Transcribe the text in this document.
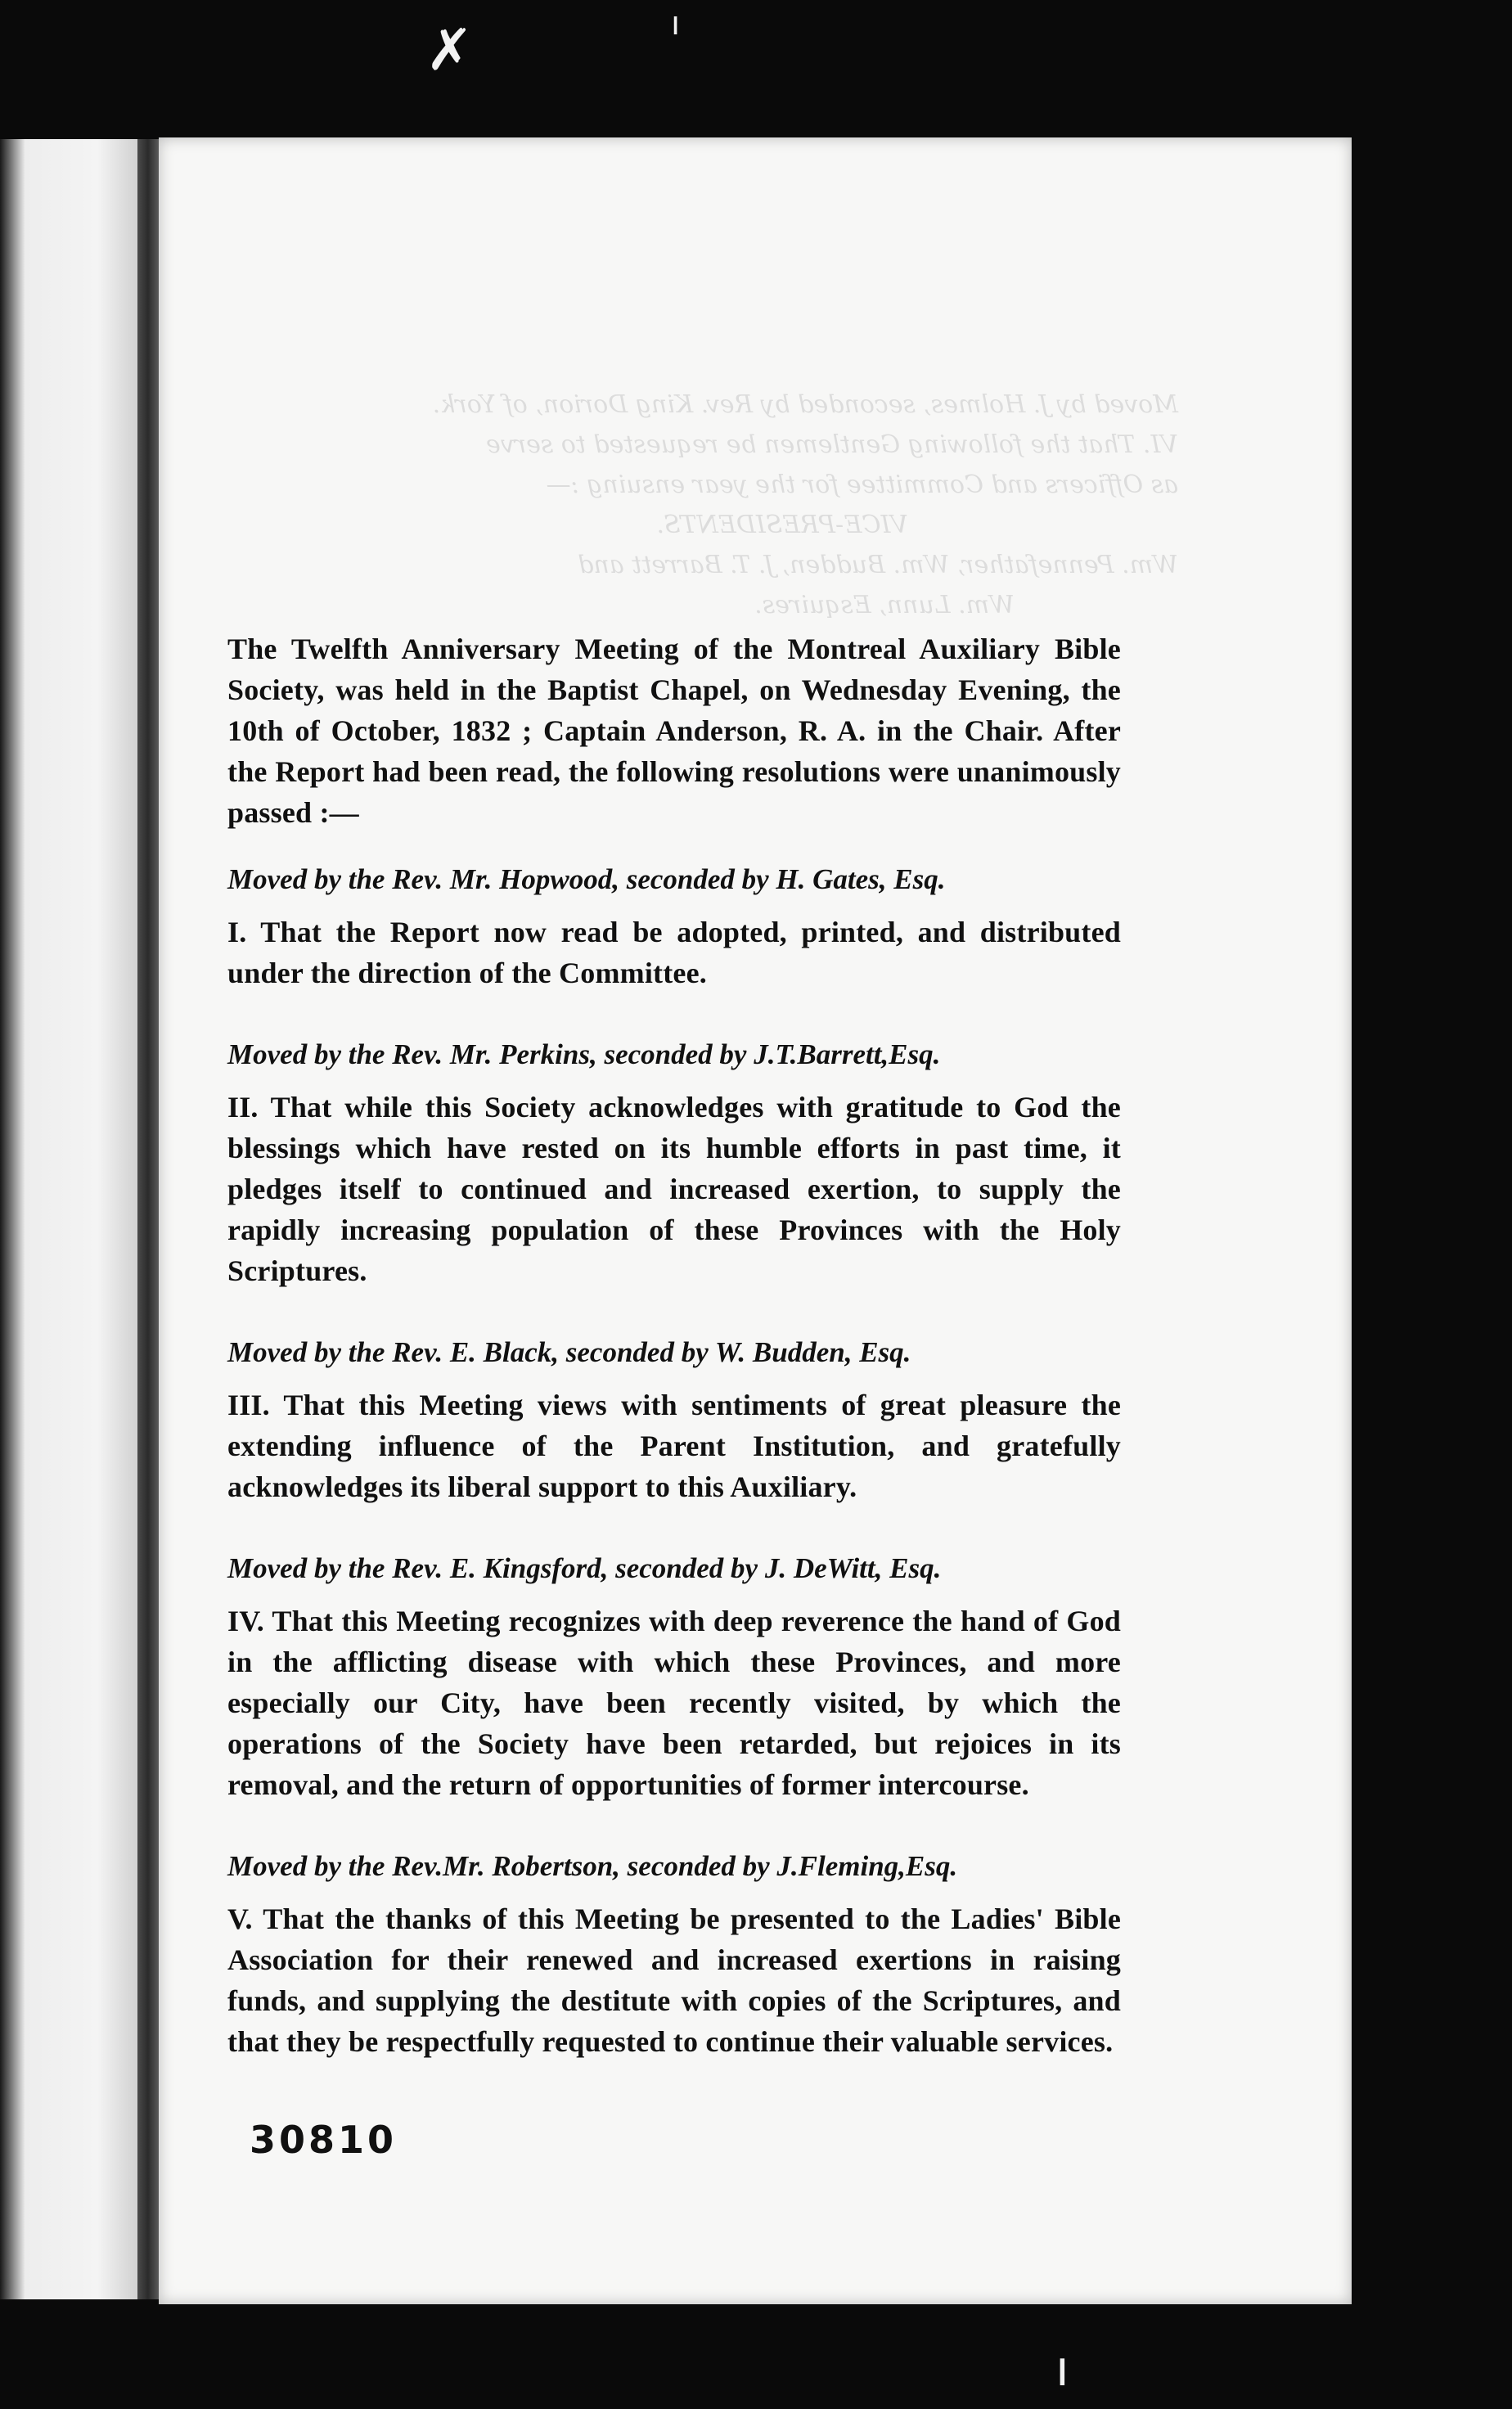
✗	ı
Moved by J. Holmes, seconded by Rev. King Dorion, of York.
VI. That the following Gentlemen be requested to serve
as Officers and Committee for the year ensuing :—
VICE-PRESIDENTS.
Wm. Pennefather, Wm. Budden, J. T. Barrett and
Wm. Lunn, Esquires.

The Twelfth Anniversary Meeting of the Montreal Auxiliary Bible Society, was held in the Baptist Chapel, on Wednesday Evening, the 10th of October, 1832 ; Captain Anderson, R. A. in the Chair. After the Report had been read, the following resolutions were unanimously passed :—

Moved by the Rev. Mr. Hopwood, seconded by H. Gates, Esq.

I. That the Report now read be adopted, printed, and distributed under the direction of the Committee.

Moved by the Rev. Mr. Perkins, seconded by J.T.Barrett,Esq.

II. That while this Society acknowledges with gratitude to God the blessings which have rested on its humble efforts in past time, it pledges itself to continued and increased exertion, to supply the rapidly increasing population of these Provinces with the Holy Scriptures.

Moved by the Rev. E. Black, seconded by W. Budden, Esq.

III. That this Meeting views with sentiments of great pleasure the extending influence of the Parent Institution, and gratefully acknowledges its liberal support to this Auxiliary.

Moved by the Rev. E. Kingsford, seconded by J. DeWitt, Esq.

IV. That this Meeting recognizes with deep reverence the hand of God in the afflicting disease with which these Provinces, and more especially our City, have been recently visited, by which the operations of the Society have been retarded, but rejoices in its removal, and the return of opportunities of former intercourse.

Moved by the Rev.Mr. Robertson, seconded by J.Fleming,Esq.

V. That the thanks of this Meeting be presented to the Ladies' Bible Association for their renewed and increased exertions in raising funds, and supplying the destitute with copies of the Scriptures, and that they be respectfully requested to continue their valuable services.

30810
ı
